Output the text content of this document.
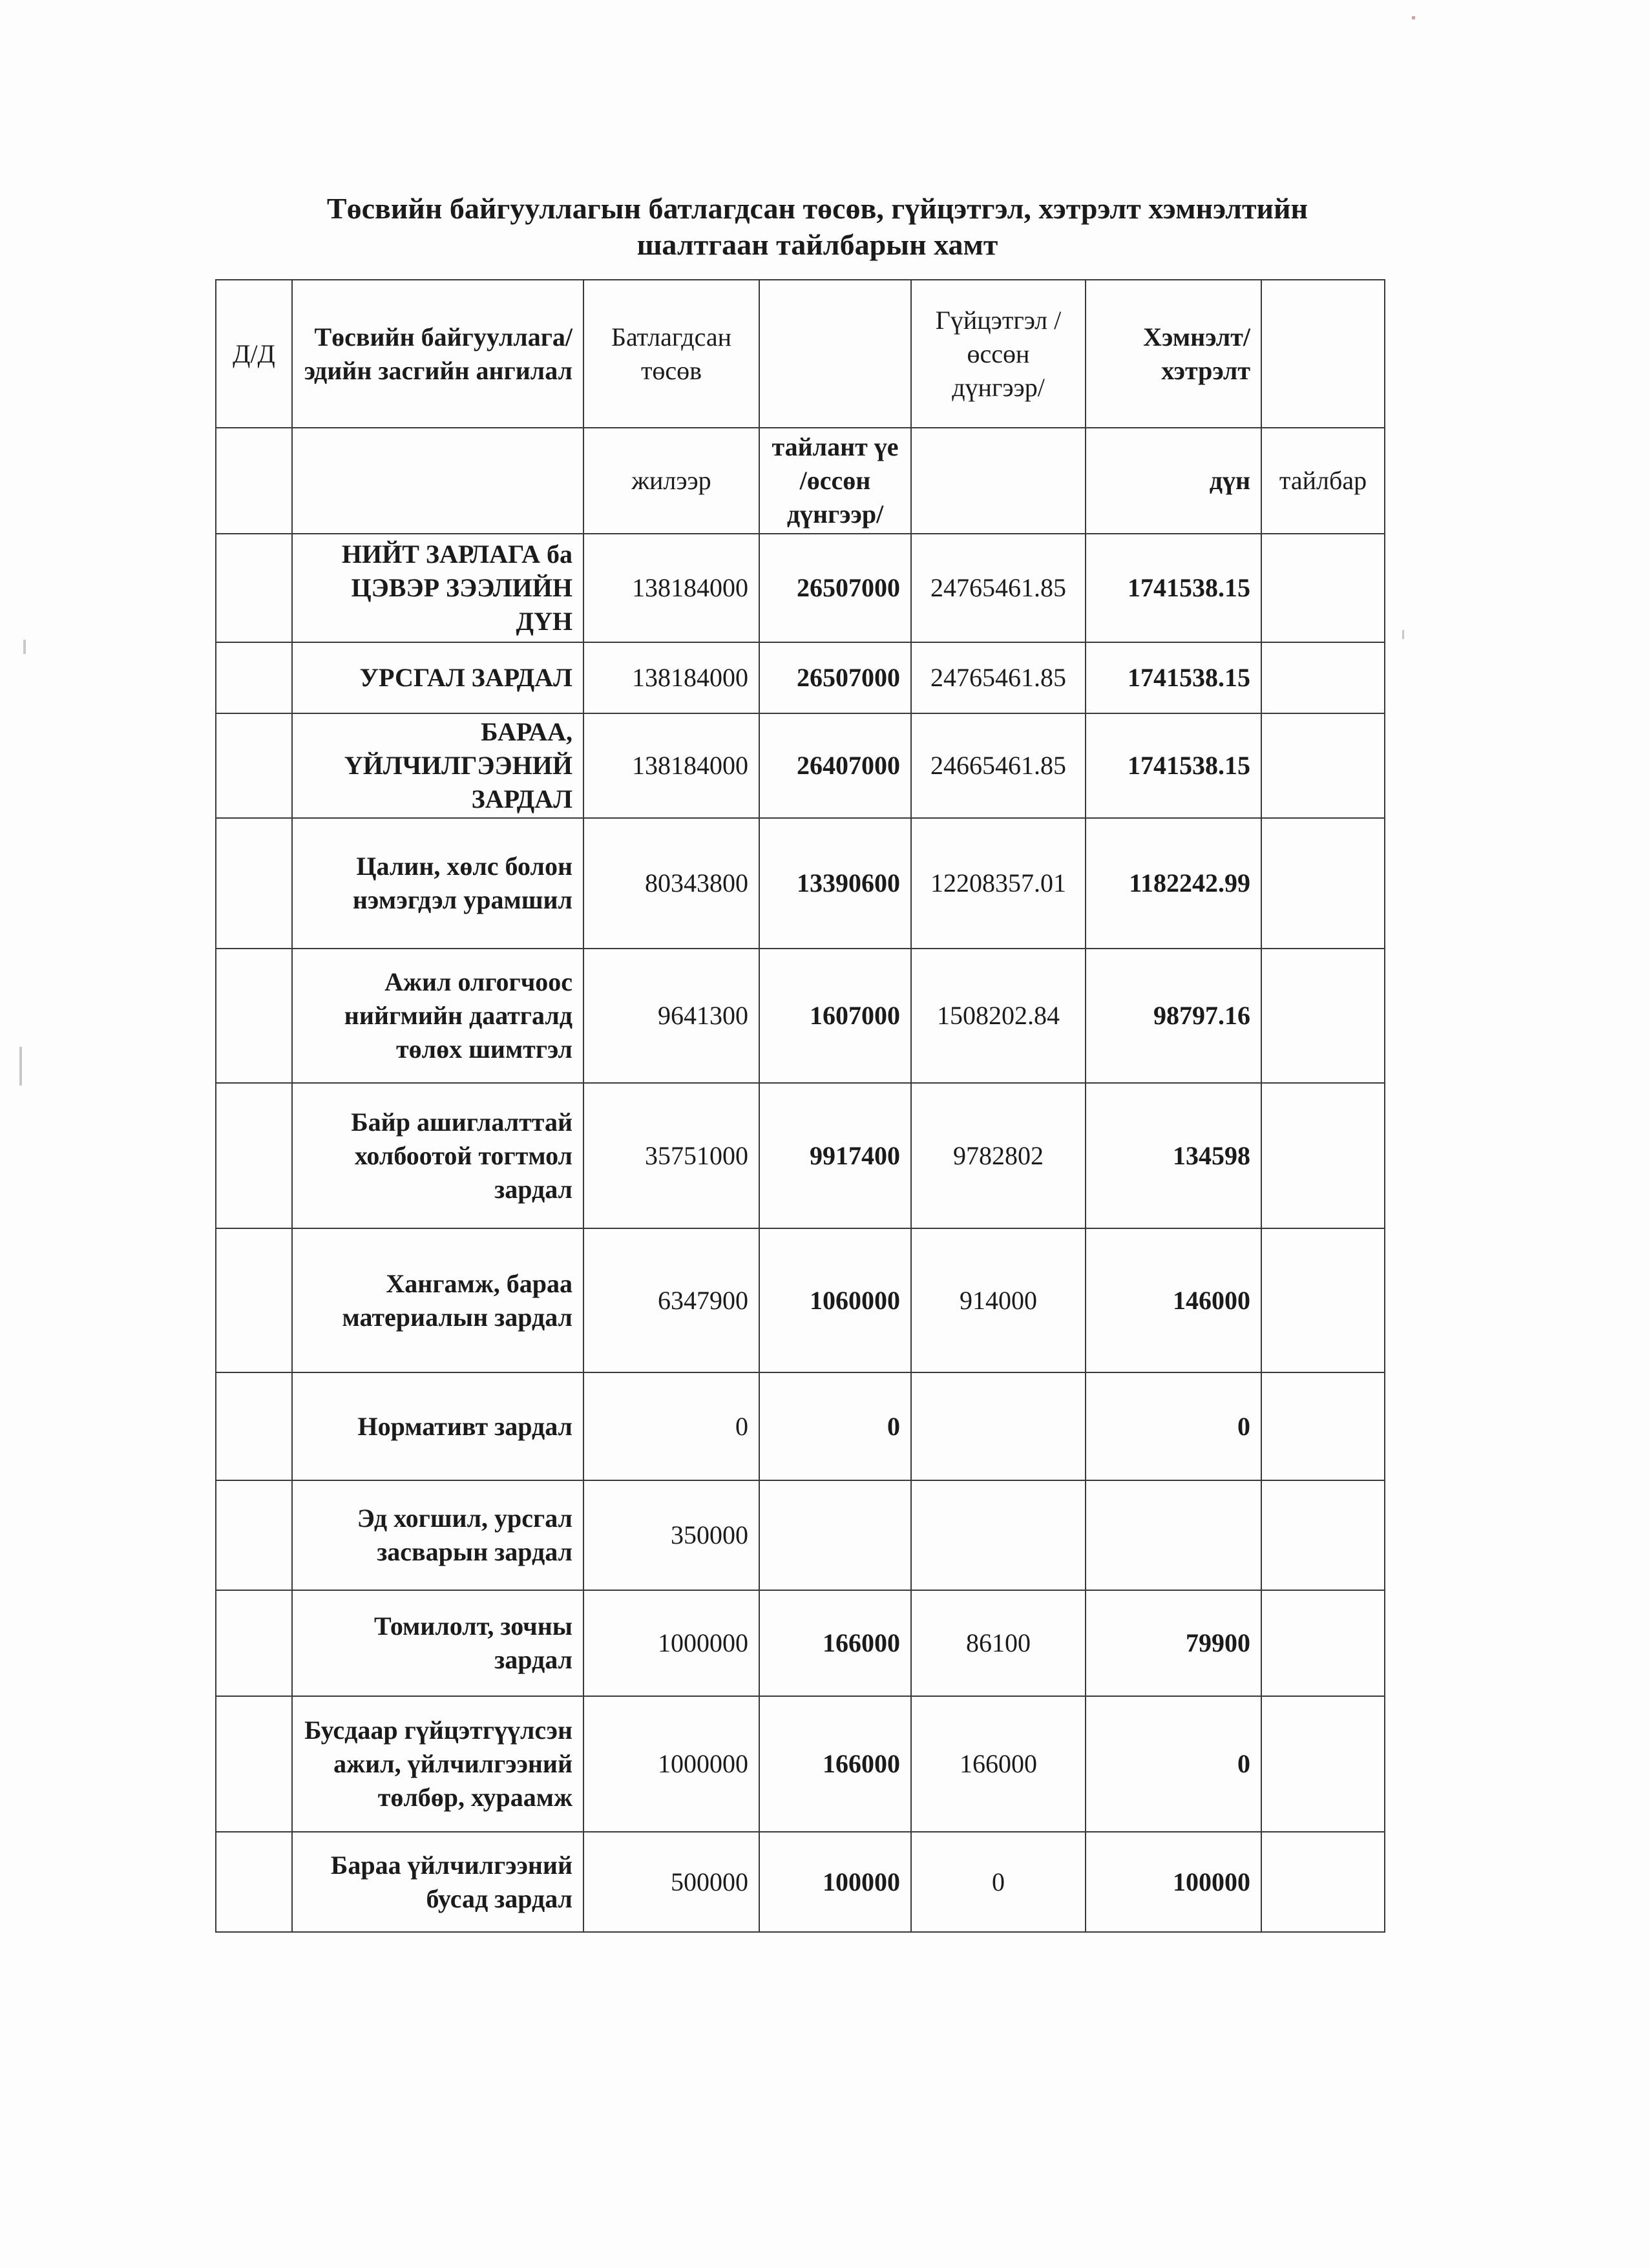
Төсвийн байгууллагын батлагдсан төсөв, гүйцэтгэл, хэтрэлт хэмнэлтийн
шалтгаан тайлбарын хамт
Д/Д	Төсвийн байгууллага/ эдийн засгийн ангилал	Батлагдсан төсөв		Гүйцэтгэл /өссөн дүнгээр/	Хэмнэлт/ хэтрэлт	
		жилээр	тайлант үе /өссөн дүнгээр/		дүн	тайлбар
	НИЙТ ЗАРЛАГА ба ЦЭВЭР ЗЭЭЛИЙН ДҮН	138184000	26507000	24765461.85	1741538.15	
	УРСГАЛ ЗАРДАЛ	138184000	26507000	24765461.85	1741538.15	
	БАРАА, ҮЙЛЧИЛГЭЭНИЙ ЗАРДАЛ	138184000	26407000	24665461.85	1741538.15	
	Цалин, хөлс болон нэмэгдэл урамшил	80343800	13390600	12208357.01	1182242.99	
	Ажил олгогчоос нийгмийн даатгалд төлөх шимтгэл	9641300	1607000	1508202.84	98797.16	
	Байр ашиглалттай холбоотой тогтмол зардал	35751000	9917400	9782802	134598	
	Хангамж, бараа материалын зардал	6347900	1060000	914000	146000	
	Нормативт зардал	0	0		0	
	Эд хогшил, урсгал засварын зардал	350000				
	Томилолт, зочны зардал	1000000	166000	86100	79900	
	Бусдаар гүйцэтгүүлсэн ажил, үйлчилгээний төлбөр, хураамж	1000000	166000	166000	0	
	Бараа үйлчилгээний бусад зардал	500000	100000	0	100000	
